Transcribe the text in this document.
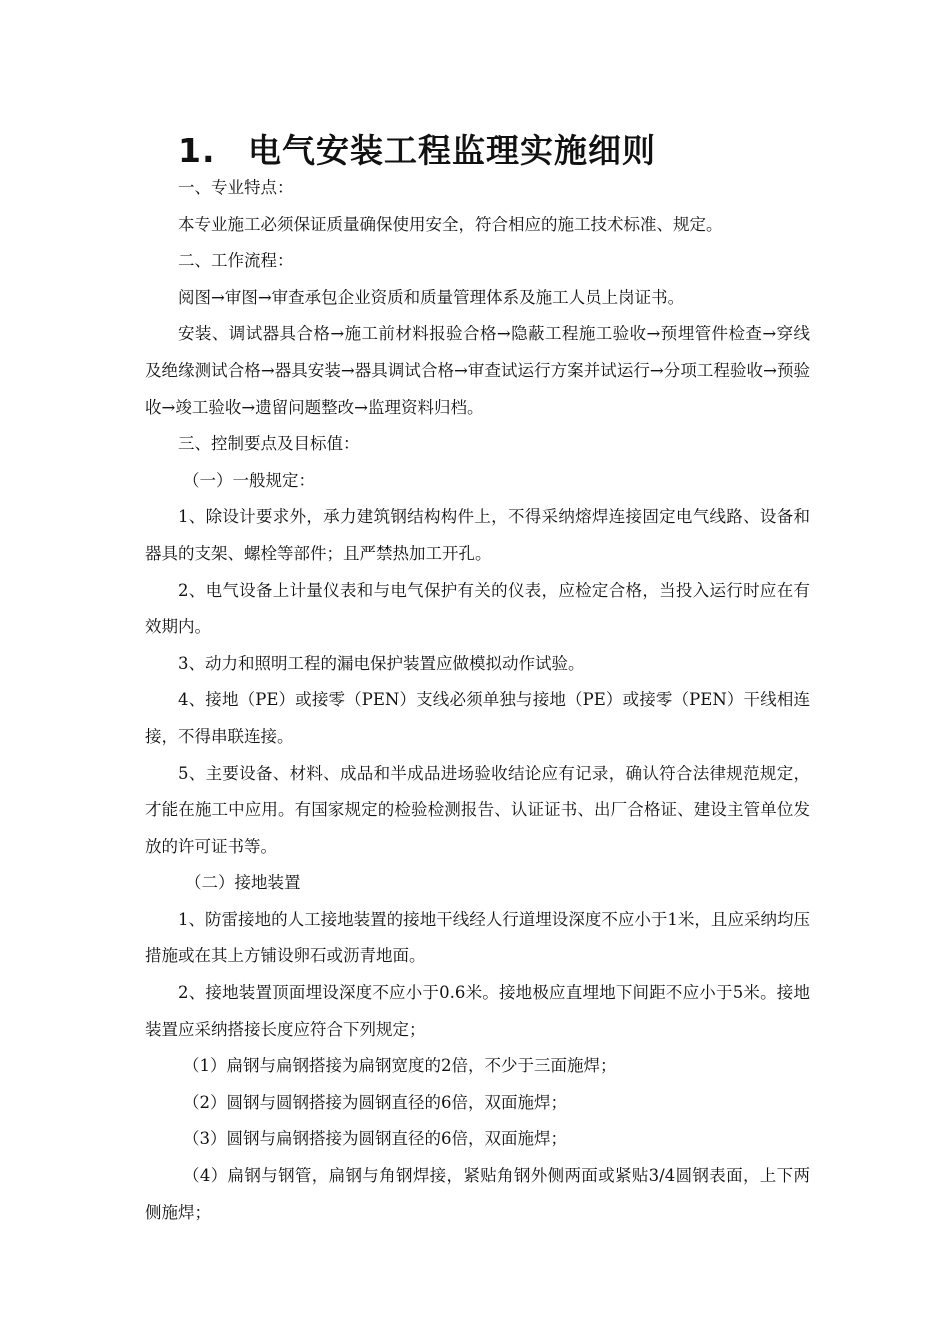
1. 电气安装工程监理实施细则

一、专业特点：

本专业施工必须保证质量确保使用安全，符合相应的施工技术标准、规定。

二、工作流程：

阅图→审图→审查承包企业资质和质量管理体系及施工人员上岗证书。

安装、调试器具合格→施工前材料报验合格→隐蔽工程施工验收→预埋管件检查→穿线及绝缘测试合格→器具安装→器具调试合格→审查试运行方案并试运行→分项工程验收→预验收→竣工验收→遗留问题整改→监理资料归档。

三、控制要点及目标值：

（一）一般规定：

1、除设计要求外，承力建筑钢结构构件上，不得采纳熔焊连接固定电气线路、设备和器具的支架、螺栓等部件；且严禁热加工开孔。

2、电气设备上计量仪表和与电气保护有关的仪表，应检定合格，当投入运行时应在有效期内。

3、动力和照明工程的漏电保护装置应做模拟动作试验。

4、接地（PE）或接零（PEN）支线必须单独与接地（PE）或接零（PEN）干线相连接，不得串联连接。

5、主要设备、材料、成品和半成品进场验收结论应有记录，确认符合法律规范规定，才能在施工中应用。有国家规定的检验检测报告、认证证书、出厂合格证、建设主管单位发放的许可证书等。

（二）接地装置

1、防雷接地的人工接地装置的接地干线经人行道埋设深度不应小于1米，且应采纳均压措施或在其上方铺设卵石或沥青地面。

2、接地装置顶面埋设深度不应小于0.6米。接地极应直埋地下间距不应小于5米。接地装置应采纳搭接长度应符合下列规定；

（1）扁钢与扁钢搭接为扁钢宽度的2倍，不少于三面施焊；

（2）圆钢与圆钢搭接为圆钢直径的6倍，双面施焊；

（3）圆钢与扁钢搭接为圆钢直径的6倍，双面施焊；

（4）扁钢与钢管，扁钢与角钢焊接，紧贴角钢外侧两面或紧贴3/4圆钢表面，上下两侧施焊；
